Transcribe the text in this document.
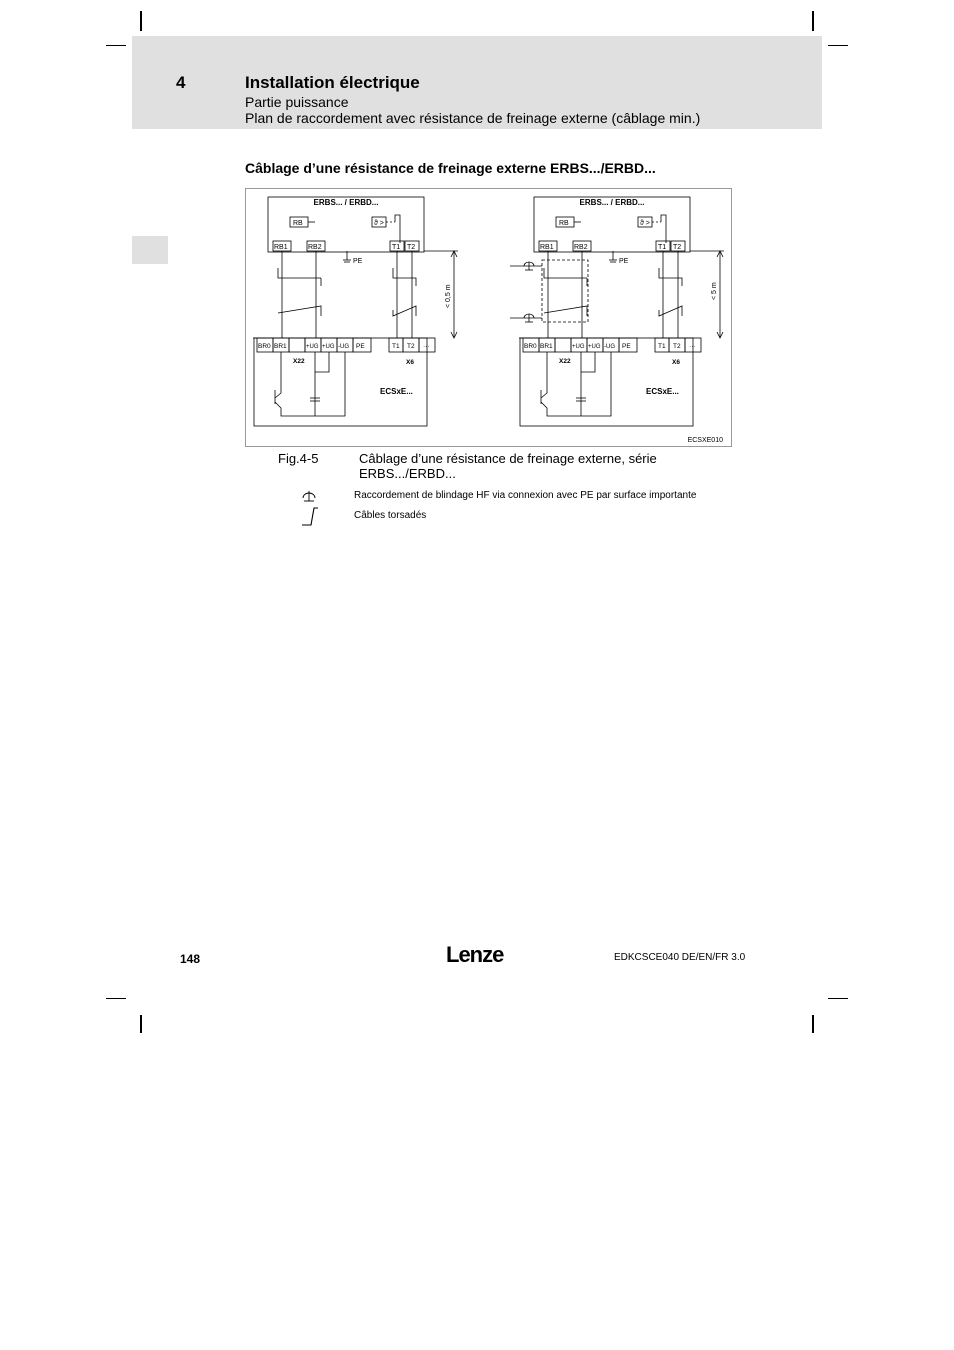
4	Installation électrique
Partie puissance
Plan de raccordement avec résistance de freinage externe (câblage min.)
Câblage d’une résistance de freinage externe ERBS.../ERBD...
ERBS... / ERBD...
RB	ϑ >
RB1	RB2	T1 T2
PE
< 0,5 m
BR0 BR1	+UG +UG -UG PE	T1 T2 ···
X22	X6
ECSxE...
ERBS... / ERBD...
RB	ϑ >
RB1	RB2	T1 T2
PE
< 5 m
BR0 BR1	+UG +UG -UG PE	T1 T2 ···
X22	X6
ECSxE...
ECSXE010
Fig.4-5	Câblage d’une résistance de freinage externe, série ERBS.../ERBD...
Raccordement de blindage HF via connexion avec PE par surface importante
Câbles torsadés
148	Lenze	EDKCSCE040 DE/EN/FR 3.0
